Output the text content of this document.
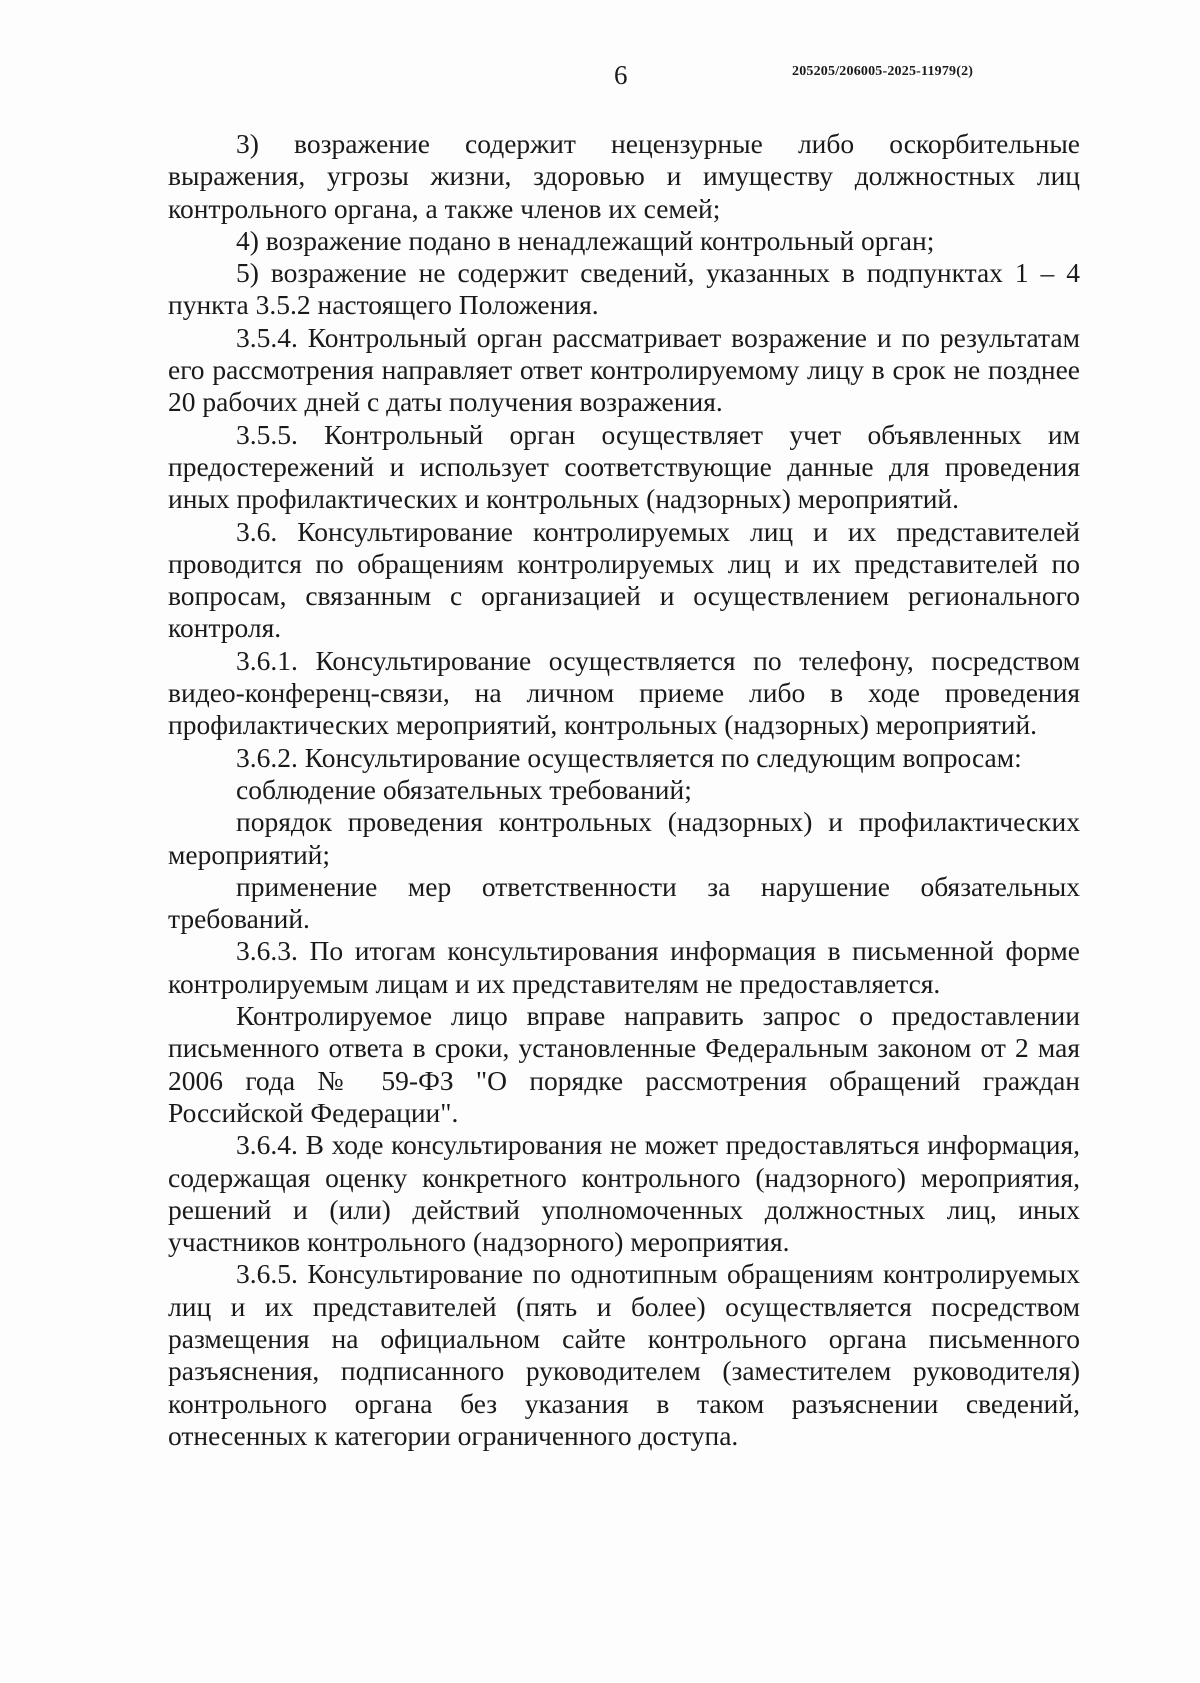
6	205205/206005-2025-11979(2)

3) возражение содержит нецензурные либо оскорбительные выражения, угрозы жизни, здоровью и имуществу должностных лиц контрольного органа, а также членов их семей;

4) возражение подано в ненадлежащий контрольный орган;

5) возражение не содержит сведений, указанных в подпунктах 1 – 4 пункта 3.5.2 настоящего Положения.

3.5.4. Контрольный орган рассматривает возражение и по результатам его рассмотрения направляет ответ контролируемому лицу в срок не позднее 20 рабочих дней с даты получения возражения.

3.5.5. Контрольный орган осуществляет учет объявленных им предостережений и использует соответствующие данные для проведения иных профилактических и контрольных (надзорных) мероприятий.

3.6. Консультирование контролируемых лиц и их представителей проводится по обращениям контролируемых лиц и их представителей по вопросам, связанным с организацией и осуществлением регионального контроля.

3.6.1. Консультирование осуществляется по телефону, посредством видео-конференц-связи, на личном приеме либо в ходе проведения профилактических мероприятий, контрольных (надзорных) мероприятий.

3.6.2. Консультирование осуществляется по следующим вопросам:

соблюдение обязательных требований;

порядок проведения контрольных (надзорных) и профилактических мероприятий;

применение мер ответственности за нарушение обязательных требований.

3.6.3. По итогам консультирования информация в письменной форме контролируемым лицам и их представителям не предоставляется.

Контролируемое лицо вправе направить запрос о предоставлении письменного ответа в сроки, установленные Федеральным законом от 2 мая 2006 года № 59-ФЗ "О порядке рассмотрения обращений граждан Российской Федерации".

3.6.4. В ходе консультирования не может предоставляться информация, содержащая оценку конкретного контрольного (надзорного) мероприятия, решений и (или) действий уполномоченных должностных лиц, иных участников контрольного (надзорного) мероприятия.

3.6.5. Консультирование по однотипным обращениям контролируемых лиц и их представителей (пять и более) осуществляется посредством размещения на официальном сайте контрольного органа письменного разъяснения, подписанного руководителем (заместителем руководителя) контрольного органа без указания в таком разъяснении сведений, отнесенных к категории ограниченного доступа.
